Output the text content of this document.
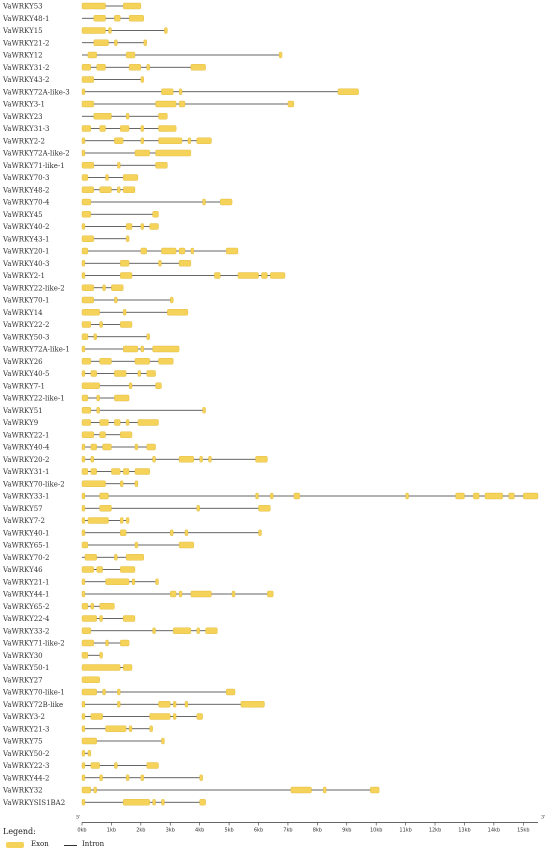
VaWRKY53
VaWRKY48-1
VaWRKY15
VaWRKY21-2
VaWRKY12
VaWRKY31-2
VaWRKY43-2
VaWRKY72A-like-3
VaWRKY3-1
VaWRKY23
VaWRKY31-3
VaWRKY2-2
VaWRKY72A-like-2
VaWRKY71-like-1
VaWRKY70-3
VaWRKY48-2
VaWRKY70-4
VaWRKY45
VaWRKY40-2
VaWRKY43-1
VaWRKY20-1
VaWRKY40-3
VaWRKY2-1
VaWRKY22-like-2
VaWRKY70-1
VaWRKY14
VaWRKY22-2
VaWRKY50-3
VaWRKY72A-like-1
VaWRKY26
VaWRKY40-5
VaWRKY7-1
VaWRKY22-like-1
VaWRKY51
VaWRKY9
VaWRKY22-1
VaWRKY40-4
VaWRKY20-2
VaWRKY31-1
VaWRKY70-like-2
VaWRKY33-1
VaWRKY57
VaWRKY7-2
VaWRKY40-1
VaWRKY65-1
VaWRKY70-2
VaWRKY46
VaWRKY21-1
VaWRKY44-1
VaWRKY65-2
VaWRKY22-4
VaWRKY33-2
VaWRKY71-like-2
VaWRKY30
VaWRKY50-1
VaWRKY27
VaWRKY70-like-1
VaWRKY72B-like
VaWRKY3-2
VaWRKY21-3
VaWRKY75
VaWRKY50-2
VaWRKY22-3
VaWRKY44-2
VaWRKY32
VaWRKYSIS1BA2
0kb	1kb	2kb	3kb	4kb	5kb	6kb	7kb	8kb	9kb	10kb	11kb	12kb	13kb	14kb	15kb
5'	3'
Legend:
Exon	Intron
